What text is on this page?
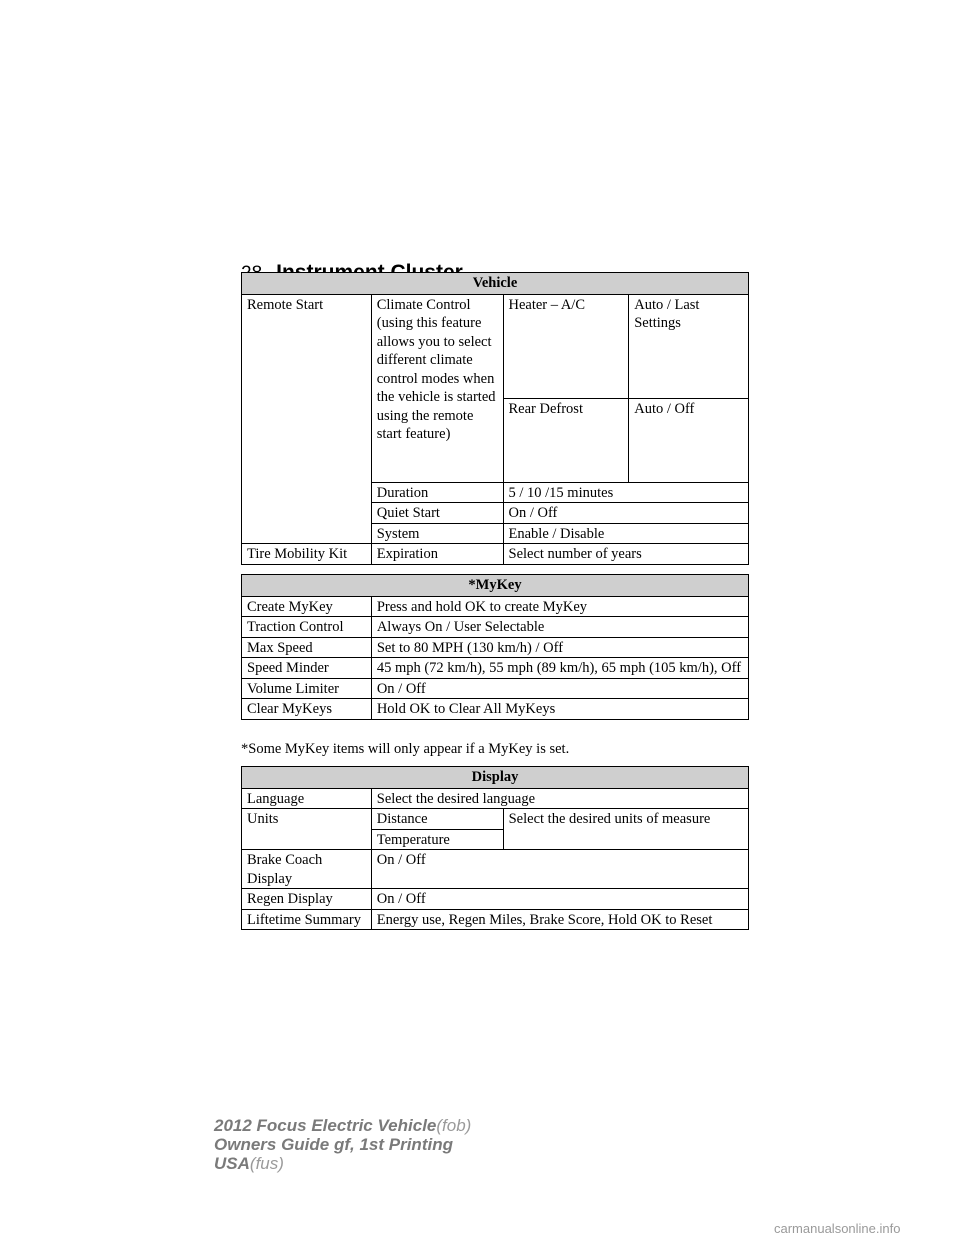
Vehicle			
Remote Start	Climate Control (using this feature allows you to select different climate control modes when the vehicle is started using the remote start feature)	Heater – A/C	Auto / Last Settings
		Rear Defrost	Auto / Off
	Duration	5 / 10 /15 minutes	
	Quiet Start	On / Off	
	System	Enable / Disable	
Tire Mobility Kit	Expiration	Select number of years	
*MyKey	
Create MyKey	Press and hold OK to create MyKey
Traction Control	Always On / User Selectable
Max Speed	Set to 80 MPH (130 km/h) / Off
Speed Minder	45 mph (72 km/h), 55 mph (89 km/h), 65 mph (105 km/h), Off
Volume Limiter	On / Off
Clear MyKeys	Hold OK to Clear All MyKeys
*Some MyKey items will only appear if a MyKey is set.
Display		
Language	Select the desired language	
Units	Distance	Select the desired units of measure
	Temperature	
Brake Coach Display	On / Off	
Regen Display	On / Off	
Liftetime Summary	Energy use, Regen Miles, Brake Score, Hold OK to Reset	
2012 Focus Electric Vehicle(fob)
Owners Guide gf, 1st Printing
USA(fus)
carmanualsonline.info
